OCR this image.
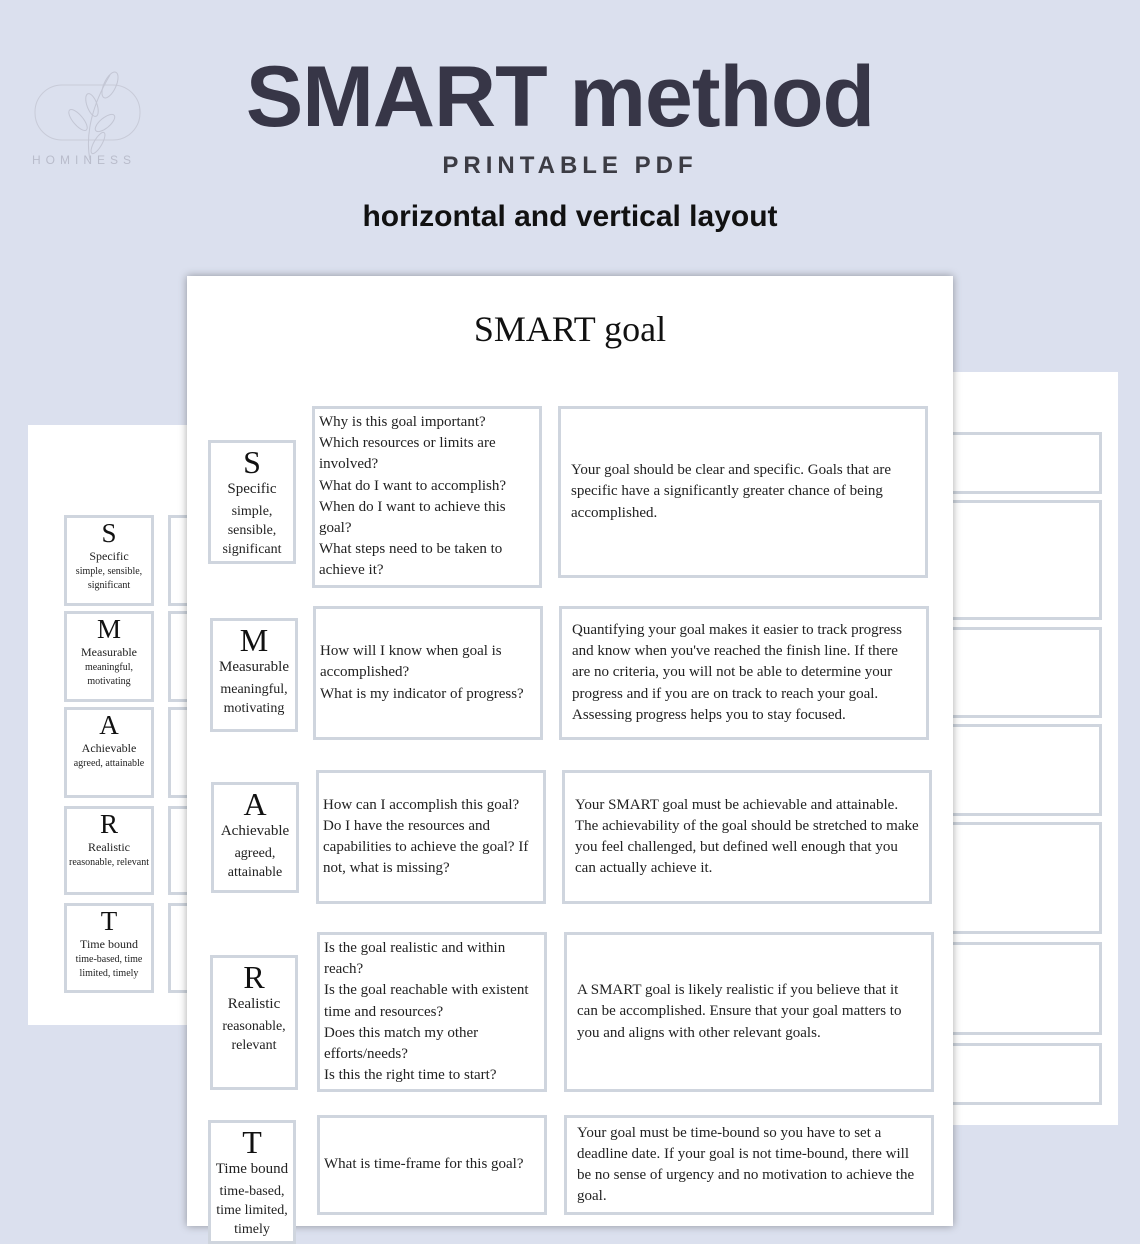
SMART method
PRINTABLE PDF
horizontal and vertical layout
HOMINESS
S
Specific
simple, sensible, significant
M
Measurable
meaningful, motivating
A
Achievable
agreed, attainable
R
Realistic
reasonable, relevant
T
Time bound
time-based, time limited, timely
SMART goal
S
Specific
simple, sensible, significant
Why is this goal important?
Which resources or limits are involved?
What do I want to accomplish?
When do I want to achieve this goal?
What steps need to be taken to achieve it?
Your goal should be clear and specific. Goals that are specific have a significantly greater chance of being accomplished.
M
Measurable
meaningful, motivating
How will I know when goal is accomplished?
What is my indicator of progress?
Quantifying your goal makes it easier to track progress and know when you've reached the finish line. If there are no criteria, you will not be able to determine your progress and if you are on track to reach your goal. Assessing progress helps you to stay focused.
A
Achievable
agreed, attainable
How can I accomplish this goal?
Do I have the resources and capabilities to achieve the goal? If not, what is missing?
Your SMART goal must be achievable and attainable. The achievability of the goal should be stretched to make you feel challenged, but defined well enough that you can actually achieve it.
R
Realistic
reasonable, relevant
Is the goal realistic and within reach?
Is the goal reachable with existent time and resources?
Does this match my other efforts/needs?
Is this the right time to start?
A SMART goal is likely realistic if you believe that it can be accomplished. Ensure that your goal matters to you and aligns with other relevant goals.
T
Time bound
time-based, time limited, timely
What is time-frame for this goal?
Your goal must be time-bound so you have to set a deadline date. If your goal is not time-bound, there will be no sense of urgency and no motivation to achieve the goal.
